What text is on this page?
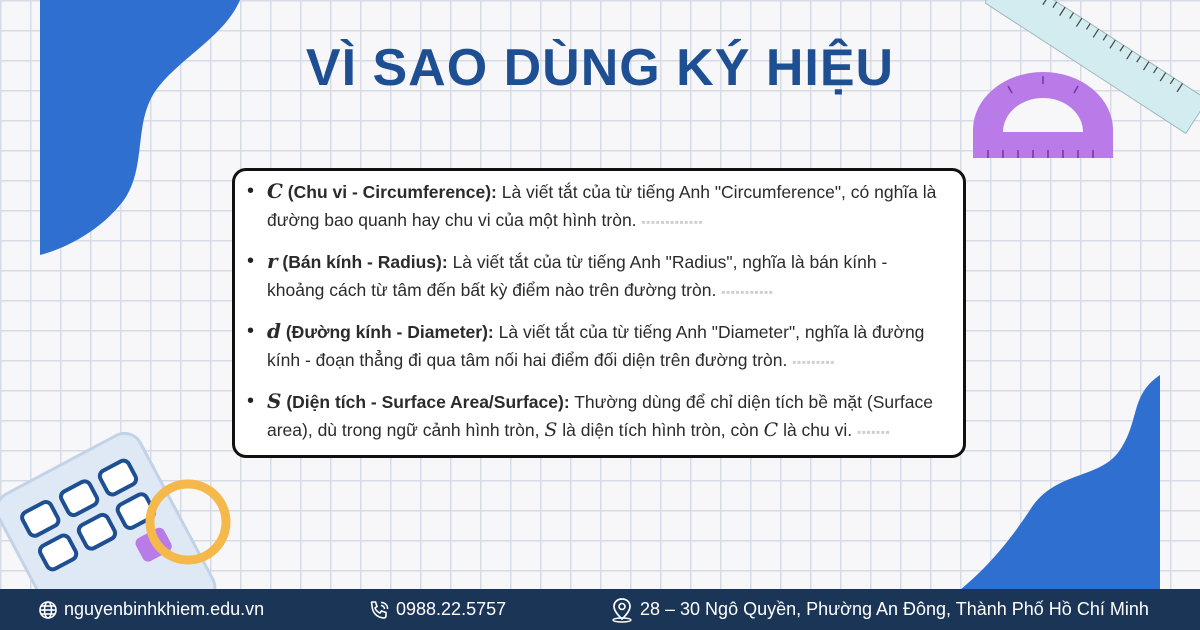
VÌ SAO DÙNG KÝ HIỆU
• C (Chu vi - Circumference): Là viết tắt của từ tiếng Anh "Circumference", có nghĩa là đường bao quanh hay chu vi của một hình tròn. ▪▪▪▪▪▪▪▪▪▪▪▪▪
• r (Bán kính - Radius): Là viết tắt của từ tiếng Anh "Radius", nghĩa là bán kính - khoảng cách từ tâm đến bất kỳ điểm nào trên đường tròn. ▪▪▪▪▪▪▪▪▪▪▪
• d (Đường kính - Diameter): Là viết tắt của từ tiếng Anh "Diameter", nghĩa là đường kính - đoạn thẳng đi qua tâm nối hai điểm đối diện trên đường tròn. ▪▪▪▪▪▪▪▪▪
• S (Diện tích - Surface Area/Surface): Thường dùng để chỉ diện tích bề mặt (Surface area), dù trong ngữ cảnh hình tròn, S là diện tích hình tròn, còn C là chu vi. ▪▪▪▪▪▪▪
nguyenbinhkhiem.edu.vn	0988.22.5757	28 – 30 Ngô Quyền, Phường An Đông, Thành Phố Hồ Chí Minh
